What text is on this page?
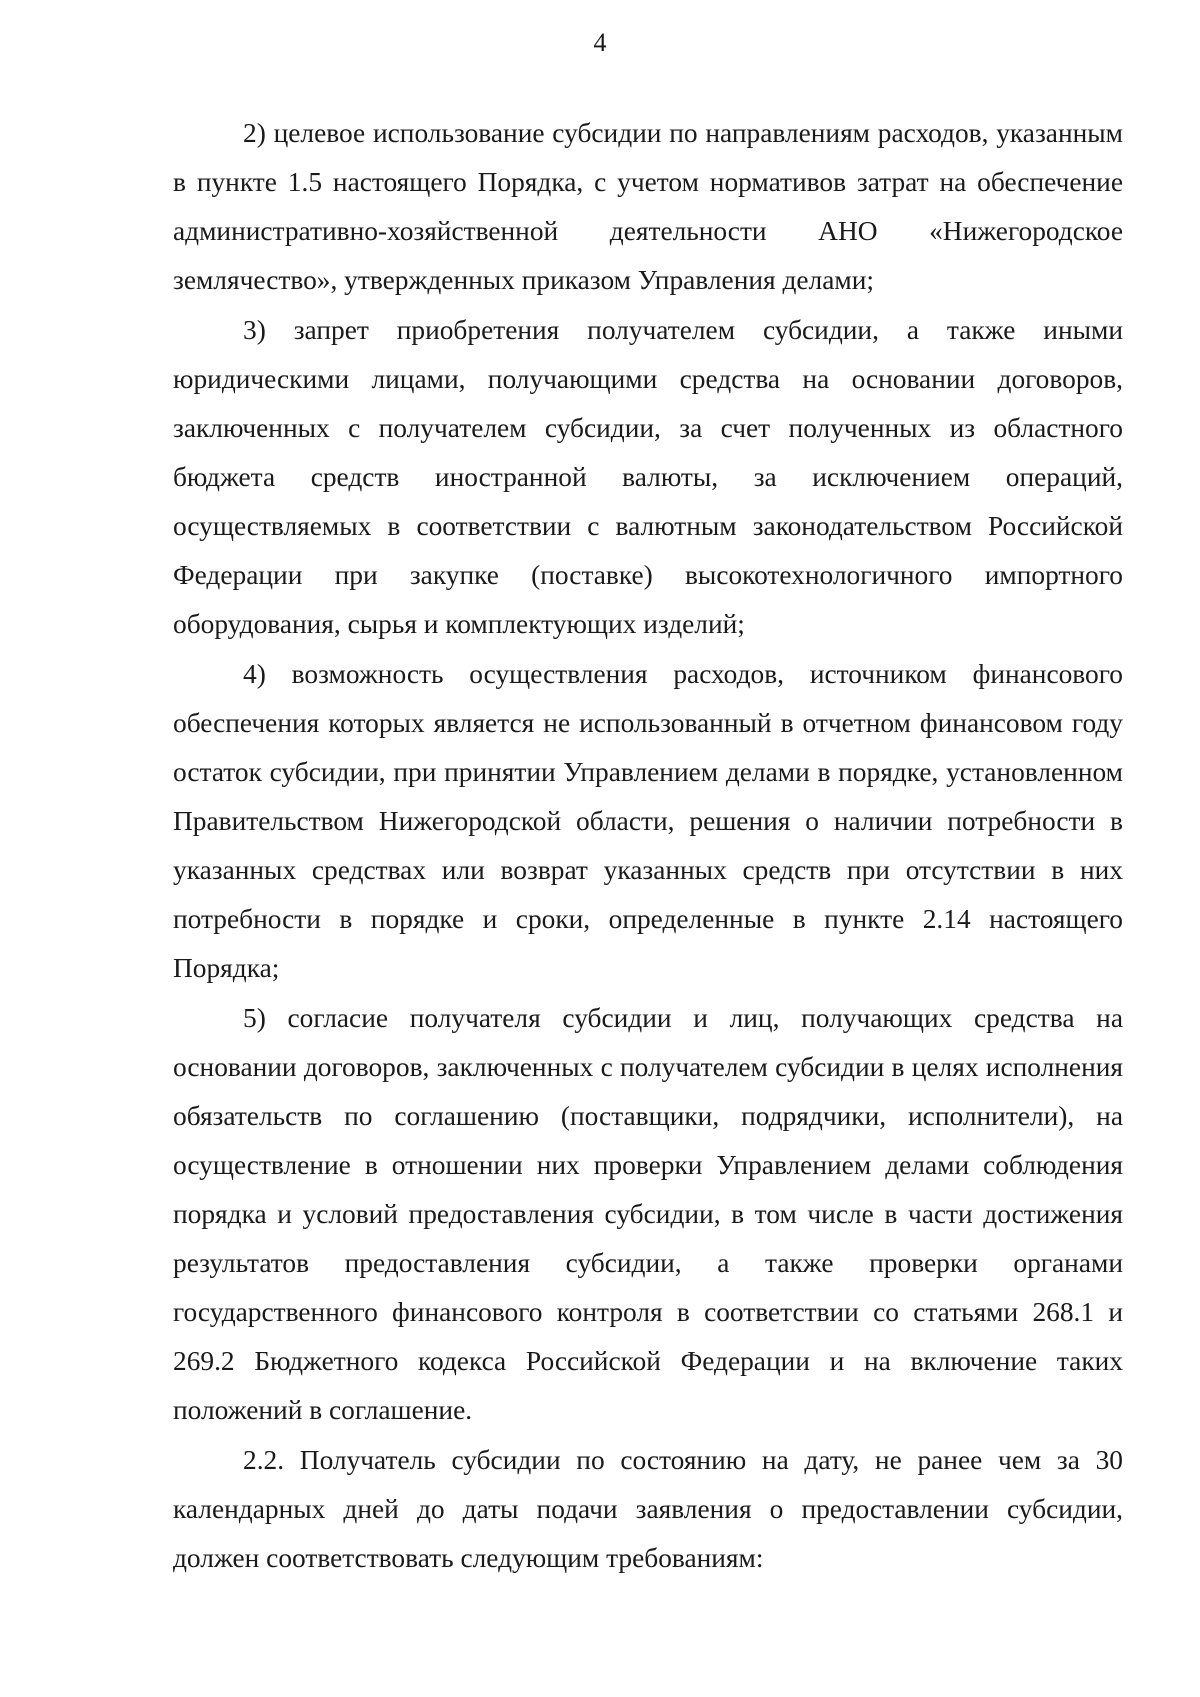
4

2) целевое использование субсидии по направлениям расходов, указанным в пункте 1.5 настоящего Порядка, с учетом нормативов затрат на обеспечение административно-хозяйственной деятельности АНО «Нижегородское землячество», утвержденных приказом Управления делами;

3) запрет приобретения получателем субсидии, а также иными юридическими лицами, получающими средства на основании договоров, заключенных с получателем субсидии, за счет полученных из областного бюджета средств иностранной валюты, за исключением операций, осуществляемых в соответствии с валютным законодательством Российской Федерации при закупке (поставке) высокотехнологичного импортного оборудования, сырья и комплектующих изделий;

4) возможность осуществления расходов, источником финансового обеспечения которых является не использованный в отчетном финансовом году остаток субсидии, при принятии Управлением делами в порядке, установленном Правительством Нижегородской области, решения о наличии потребности в указанных средствах или возврат указанных средств при отсутствии в них потребности в порядке и сроки, определенные в пункте 2.14 настоящего Порядка;

5) согласие получателя субсидии и лиц, получающих средства на основании договоров, заключенных с получателем субсидии в целях исполнения обязательств по соглашению (поставщики, подрядчики, исполнители), на осуществление в отношении них проверки Управлением делами соблюдения порядка и условий предоставления субсидии, в том числе в части достижения результатов предоставления субсидии, а также проверки органами государственного финансового контроля в соответствии со статьями 268.1 и 269.2 Бюджетного кодекса Российской Федерации и на включение таких положений в соглашение.

2.2. Получатель субсидии по состоянию на дату, не ранее чем за 30 календарных дней до даты подачи заявления о предоставлении субсидии, должен соответствовать следующим требованиям:
